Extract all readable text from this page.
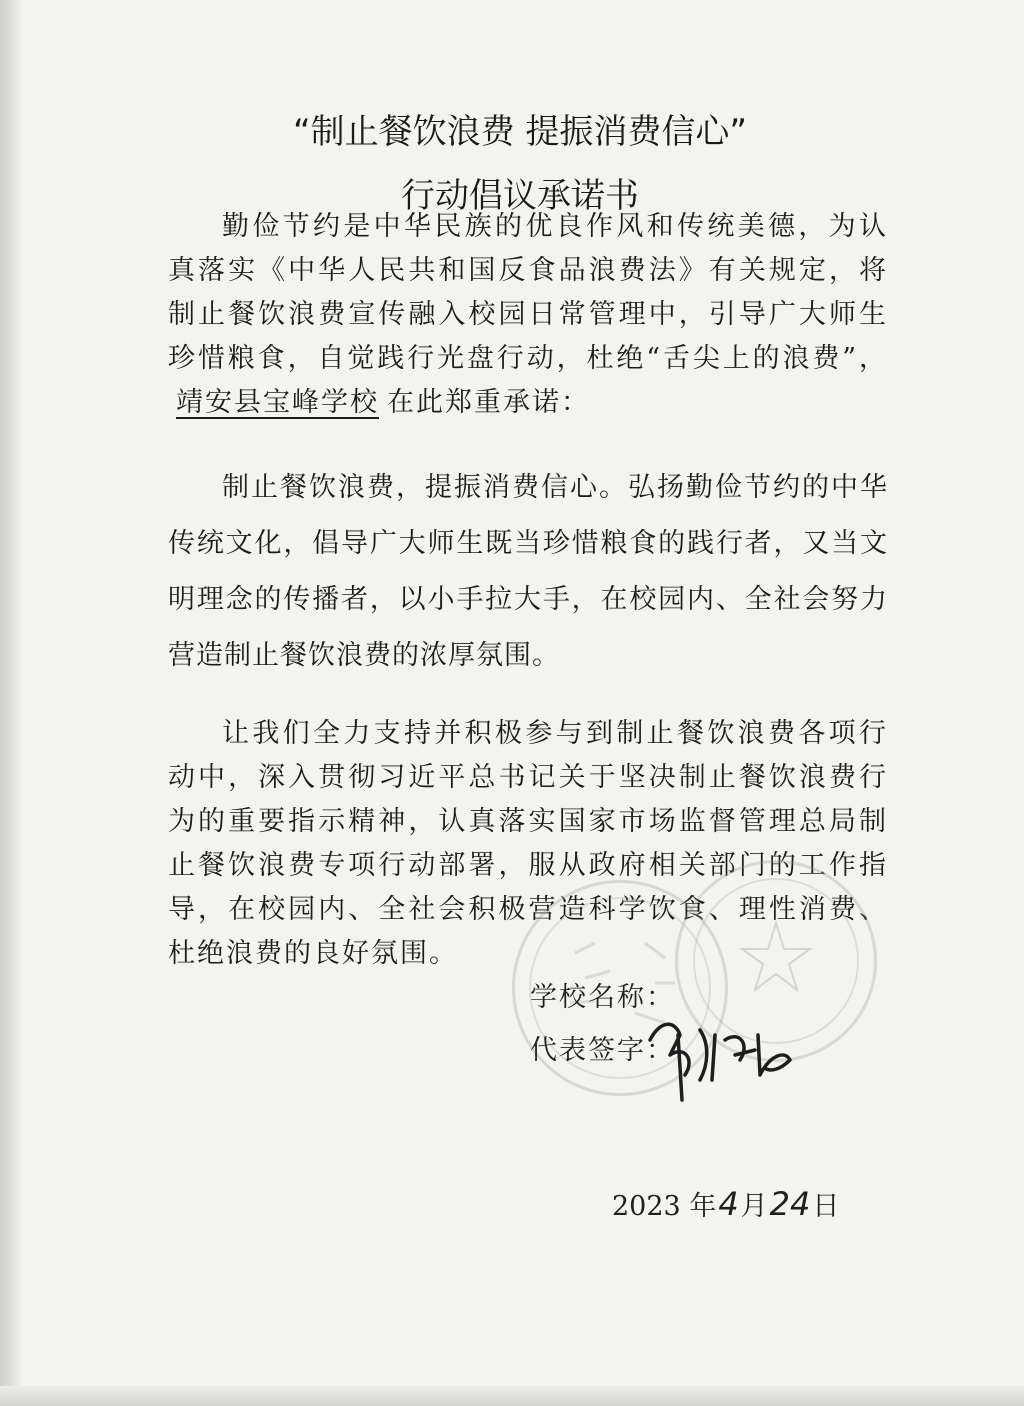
“制止餐饮浪费 提振消费信心”
行动倡议承诺书

勤俭节约是中华民族的优良作风和传统美德，为认真落实《中华人民共和国反食品浪费法》有关规定，将制止餐饮浪费宣传融入校园日常管理中，引导广大师生珍惜粮食，自觉践行光盘行动，杜绝“舌尖上的浪费”，靖安县宝峰学校 在此郑重承诺：

制止餐饮浪费，提振消费信心。弘扬勤俭节约的中华传统文化，倡导广大师生既当珍惜粮食的践行者，又当文明理念的传播者，以小手拉大手，在校园内、全社会努力营造制止餐饮浪费的浓厚氛围。

让我们全力支持并积极参与到制止餐饮浪费各项行动中，深入贯彻习近平总书记关于坚决制止餐饮浪费行为的重要指示精神，认真落实国家市场监督管理总局制止餐饮浪费专项行动部署，服从政府相关部门的工作指导，在校园内、全社会积极营造科学饮食、理性消费、杜绝浪费的良好氛围。

学校名称：

代表签字：

2023 年4月24日
